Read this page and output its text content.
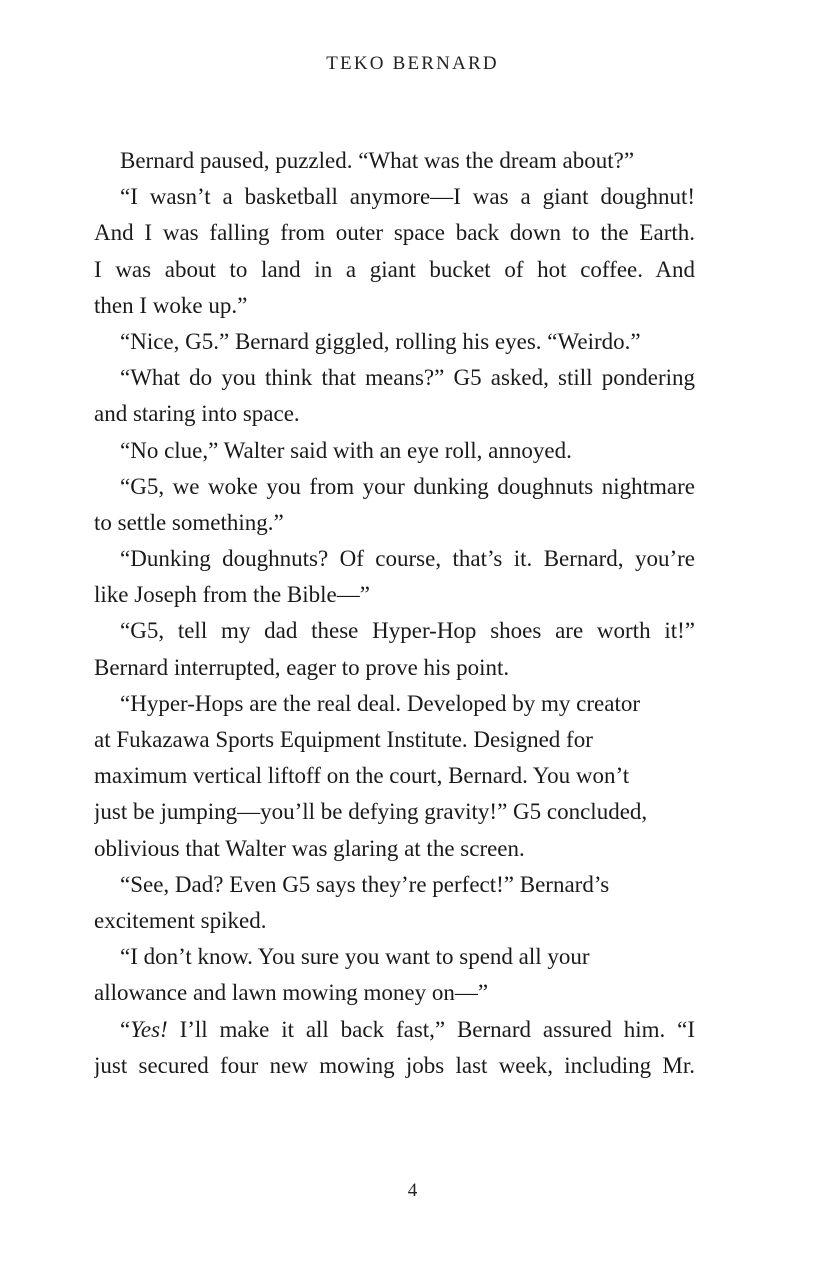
TEKO BERNARD
Bernard paused, puzzled. “What was the dream about?”
“I wasn’t a basketball anymore—I was a giant doughnut!
And I was falling from outer space back down to the Earth.
I was about to land in a giant bucket of hot coffee. And
then I woke up.”
“Nice, G5.” Bernard giggled, rolling his eyes. “Weirdo.”
“What do you think that means?” G5 asked, still pondering
and staring into space.
“No clue,” Walter said with an eye roll, annoyed.
“G5, we woke you from your dunking doughnuts nightmare
to settle something.”
“Dunking doughnuts? Of course, that’s it. Bernard, you’re
like Joseph from the Bible—”
“G5, tell my dad these Hyper-Hop shoes are worth it!”
Bernard interrupted, eager to prove his point.
“Hyper-Hops are the real deal. Developed by my creator
at Fukazawa Sports Equipment Institute. Designed for
maximum vertical liftoff on the court, Bernard. You won’t
just be jumping—you’ll be defying gravity!” G5 concluded,
oblivious that Walter was glaring at the screen.
“See, Dad? Even G5 says they’re perfect!” Bernard’s
excitement spiked.
“I don’t know. You sure you want to spend all your
allowance and lawn mowing money on—”
“Yes! I’ll make it all back fast,” Bernard assured him. “I
just secured four new mowing jobs last week, including Mr.
4
